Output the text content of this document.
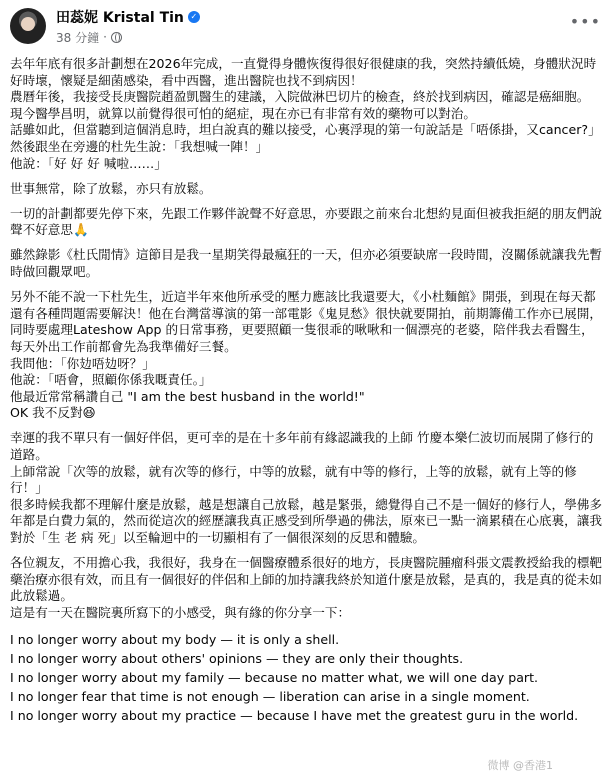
田蕊妮 Kristal Tin ✓
38 分鐘 ·
•••

去年年底有很多計劃想在2026年完成，一直覺得身體恢復得很好很健康的我，突然持續低燒，身體狀況時好時壞，懷疑是細菌感染，看中西醫，進出醫院也找不到病因！
農曆年後，我接受長庚醫院趙盈凱醫生的建議，入院做淋巴切片的檢查，終於找到病因，確認是癌細胞。
現今醫學昌明，就算以前覺得很可怕的絕症，現在亦已有非常有效的藥物可以對治。
話雖如此，但當聽到這個消息時，坦白說真的難以接受，心裏浮現的第一句說話是「唔係掛，又cancer?」
然後跟坐在旁邊的杜先生說：「我想喊一陣！」
他說：「好 好 好 喊啦……」

世事無常，除了放鬆，亦只有放鬆。

一切的計劃都要先停下來，先跟工作夥伴說聲不好意思，亦要跟之前來台北想約見面但被我拒絕的朋友們說聲不好意思🙏

雖然錄影《杜氏閒情》這節目是我一星期笑得最瘋狂的一天，但亦必須要缺席一段時間，沒關係就讓我先暫時做回觀眾吧。

另外不能不說一下杜先生，近這半年來他所承受的壓力應該比我還要大，《小杜麵館》開張，到現在每天都還有各種問題需要解決！他在台灣當導演的第一部電影《鬼見愁》很快就要開拍，前期籌備工作亦已展開，同時要處理Lateshow App 的日常事務，更要照顧一隻很乖的啾啾和一個漂亮的老婆，陪伴我去看醫生，每天外出工作前都會先為我準備好三餐。
我問他：「你攰唔攰呀？」
他說：「唔會，照顧你係我嘅責任。」
他最近常常稱讚自己 "I am the best husband in the world!"
OK 我不反對😆

幸運的我不單只有一個好伴侶，更可幸的是在十多年前有緣認識我的上師 竹慶本樂仁波切而展開了修行的道路。
上師常說「次等的放鬆，就有次等的修行，中等的放鬆，就有中等的修行，上等的放鬆，就有上等的修行！」
很多時候我都不理解什麼是放鬆，越是想讓自己放鬆，越是緊張，總覺得自己不是一個好的修行人，學佛多年都是白費力氣的，然而從這次的經歷讓我真正感受到所學過的佛法，原來已一點一滴累積在心底裏，讓我對於「生 老 病 死」以至輪迴中的一切顯相有了一個很深刻的反思和體驗。

各位親友，不用擔心我，我很好，我身在一個醫療體系很好的地方，長庚醫院腫瘤科張文震教授給我的標靶藥治療亦很有效，而且有一個很好的伴侶和上師的加持讓我終於知道什麼是放鬆，是真的，我是真的從未如此放鬆過。
這是有一天在醫院裏所寫下的小感受，與有緣的你分享一下：

I no longer worry about my body — it is only a shell.

I no longer worry about others' opinions — they are only their thoughts.

I no longer worry about my family — because no matter what, we will one day part.

I no longer fear that time is not enough — liberation can arise in a single moment.

I no longer worry about my practice — because I have met the greatest guru in the world.

微博 @香港1
